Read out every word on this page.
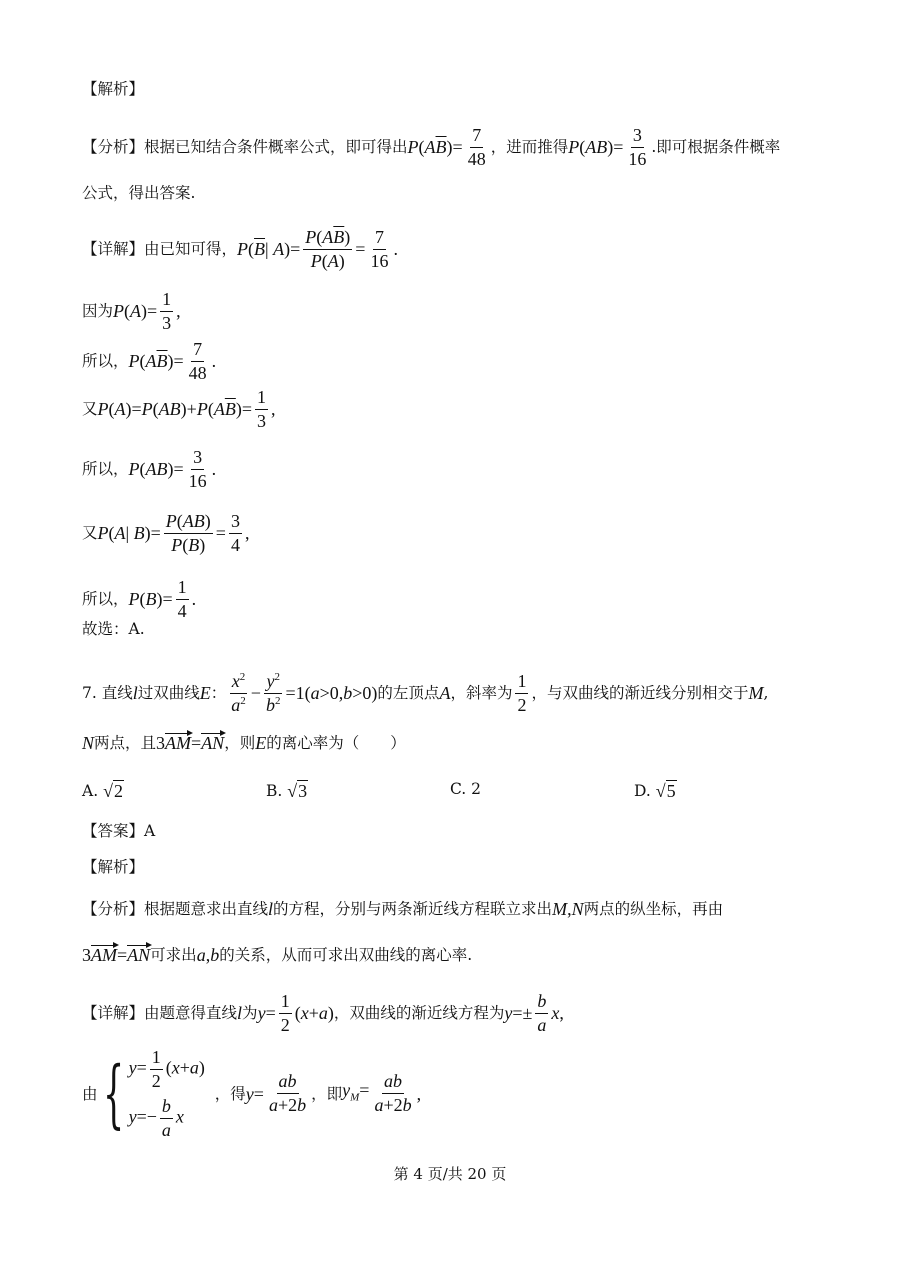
【解析】
【分析】 根据已知结合条件概率公式，即可得出 $P(A\overline{B})= \frac{7}{48}$ ，进而推得 $P(AB)= \frac{3}{16}$ .即可根据条件概率
公式，得出答案.
【详解】 由已知可得， $P(\overline{B}|$ $A)= \frac{P(A\overline{B})}{P(A)} = \frac{7}{16}$ .
因为 $P(A)= \frac{1}{3}$ ,
所以， $P(A\overline{B})= \frac{7}{48}$ .
又 $P(A)=P(AB)+P(A\overline{B})= \frac{1}{3}$ ,
所以， $P(AB)= \frac{3}{16}$ .
又 P(A| $B)= \frac{P(AB)}{P(B)} = \frac{3}{4}$ ,
所以， $P(B)= \frac{1}{4}$ .
故选：A.
7.
直线 l 过双曲线 E ： $\frac{x^2}{a^2} - \frac{y^2}{b^2} =1(a>0,b>0)$ 的左顶点 A ，斜率为 $\frac{1}{2}$ ，与双曲线的渐近线分别相交于 M ,
N 两点，且 3AM=AN ，则 E 的离心率为（　　）
A.
√ 2	B.
√ 3	C. 2	D.
√ 5
【答案】A
【解析】
【分析】 根据题意求出直线 l 的方程，分别与两条渐近线方程联立求出 M,N 两点的纵坐标，再由
3AM=AN 可求出 a,b 的关系，从而可求出双曲线的离心率.
【详解】 由题意得直线 l 为 $y= \frac{1}{2} (x+a)$ ，双曲线的渐近线方程为 $y=\pm \frac{b}{a}$ x ,
由 { $y= \frac{1}{2} (x+a)$
$y=- \frac{b}{a}$ x

，得 $y= \frac{ab}{a+2b}$ ，即 $y_M= \frac{ab}{a+2b}$ ,
第 4 页/共 20 页
